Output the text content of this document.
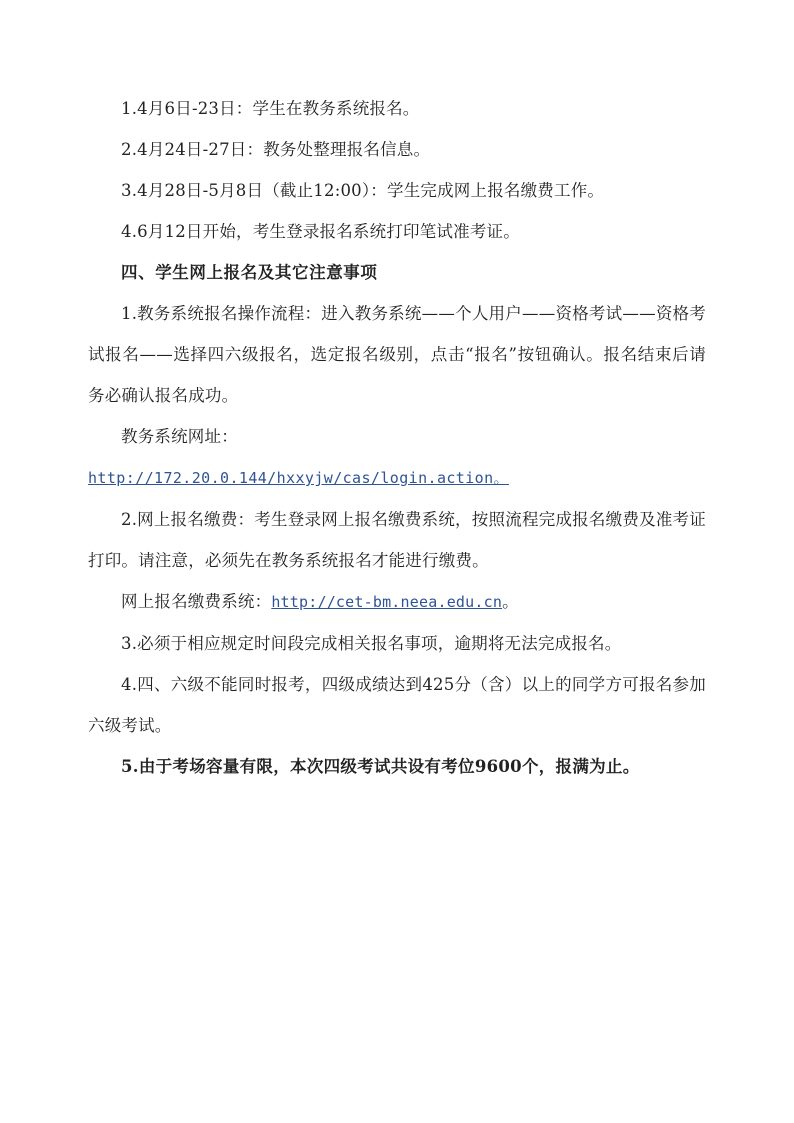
1.4月6日-23日：学生在教务系统报名。

2.4月24日-27日：教务处整理报名信息。

3.4月28日-5月8日（截止12:00）：学生完成网上报名缴费工作。

4.6月12日开始，考生登录报名系统打印笔试准考证。

四、学生网上报名及其它注意事项

1.教务系统报名操作流程：进入教务系统——个人用户——资格考试——资格考试报名——选择四六级报名，选定报名级别，点击“报名”按钮确认。报名结束后请务必确认报名成功。

教务系统网址：

http://172.20.0.144/hxxyjw/cas/login.action。

2.网上报名缴费：考生登录网上报名缴费系统，按照流程完成报名缴费及准考证打印。请注意，必须先在教务系统报名才能进行缴费。

网上报名缴费系统：http://cet-bm.neea.edu.cn。

3.必须于相应规定时间段完成相关报名事项，逾期将无法完成报名。

4.四、六级不能同时报考，四级成绩达到425分（含）以上的同学方可报名参加六级考试。

5.由于考场容量有限，本次四级考试共设有考位9600个，报满为止。
